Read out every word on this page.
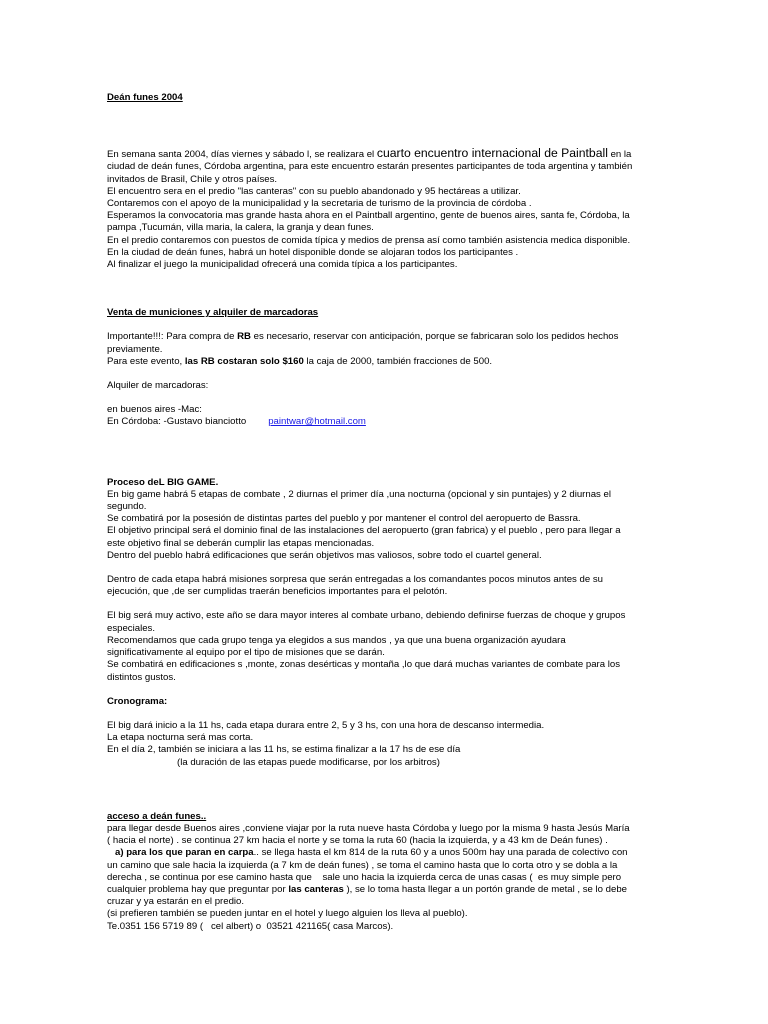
Deán funes 2004
En semana santa 2004, días viernes y sábado l, se realizara el cuarto encuentro internacional de Paintball en la
ciudad de deán funes, Córdoba argentina, para este encuentro estarán presentes participantes de toda argentina y también
invitados de Brasil, Chile y otros países.
El encuentro sera en el predio "las canteras" con su pueblo abandonado y 95 hectáreas a utilizar.
Contaremos con el apoyo de la municipalidad y la secretaria de turismo de la provincia de córdoba .
Esperamos la convocatoria mas grande hasta ahora en el Paintball argentino, gente de buenos aires, santa fe, Córdoba, la
pampa ,Tucumán, villa maria, la calera, la granja y dean funes.
En el predio contaremos con puestos de comida típica y medios de prensa así como también asistencia medica disponible.
En la ciudad de deán funes, habrá un hotel disponible donde se alojaran todos los participantes .
Al finalizar el juego la municipalidad ofrecerá una comida típica a los participantes.
Venta de municiones y alquiler de marcadoras
Importante!!!: Para compra de RB es necesario, reservar con anticipación, porque se fabricaran solo los pedidos hechos
previamente.
Para este evento, las RB costaran solo $160 la caja de 2000, también fracciones de 500.
Alquiler de marcadoras:
en buenos aires -Mac:
En Córdoba: -Gustavo bianciotto paintwar@hotmail.com
Proceso deL BIG GAME.
En big game habrá 5 etapas de combate , 2 diurnas el primer día ,una nocturna (opcional y sin puntajes) y 2 diurnas el
segundo.
Se combatirá por la posesión de distintas partes del pueblo y por mantener el control del aeropuerto de Bassra.
El objetivo principal será el dominio final de las instalaciones del aeropuerto (gran fabrica) y el pueblo , pero para llegar a
este objetivo final se deberán cumplir las etapas mencionadas.
Dentro del pueblo habrá edificaciones que serán objetivos mas valiosos, sobre todo el cuartel general.
Dentro de cada etapa habrá misiones sorpresa que serán entregadas a los comandantes pocos minutos antes de su
ejecución, que ,de ser cumplidas traerán beneficios importantes para el pelotón.
El big será muy activo, este año se dara mayor interes al combate urbano, debiendo definirse fuerzas de choque y grupos
especiales.
Recomendamos que cada grupo tenga ya elegidos a sus mandos , ya que una buena organización ayudara
significativamente al equipo por el tipo de misiones que se darán.
Se combatirá en edificaciones s ,monte, zonas desérticas y montaña ,lo que dará muchas variantes de combate para los
distintos gustos.
Cronograma:
El big dará inicio a la 11 hs, cada etapa durara entre 2, 5 y 3 hs, con una hora de descanso intermedia.
La etapa nocturna será mas corta.
En el día 2, también se iniciara a las 11 hs, se estima finalizar a la 17 hs de ese día
(la duración de las etapas puede modificarse, por los arbitros)
acceso a deán funes..
para llegar desde Buenos aires ,conviene viajar por la ruta nueve hasta Córdoba y luego por la misma 9 hasta Jesús María
( hacia el norte) . se continua 27 km hacia el norte y se toma la ruta 60 (hacia la izquierda, y a 43 km de Deán funes) .
a) para los que paran en carpa.. se llega hasta el km 814 de la ruta 60 y a unos 500m hay una parada de colectivo con
un camino que sale hacia la izquierda (a 7 km de deán funes) , se toma el camino hasta que lo corta otro y se dobla a la
derecha , se continua por ese camino hasta que    sale uno hacia la izquierda cerca de unas casas (  es muy simple pero
cualquier problema hay que preguntar por las canteras ), se lo toma hasta llegar a un portón grande de metal , se lo debe
cruzar y ya estarán en el predio.
(si prefieren también se pueden juntar en el hotel y luego alguien los lleva al pueblo).
Te.0351 156 5719 89 (   cel albert) o  03521 421165( casa Marcos).
